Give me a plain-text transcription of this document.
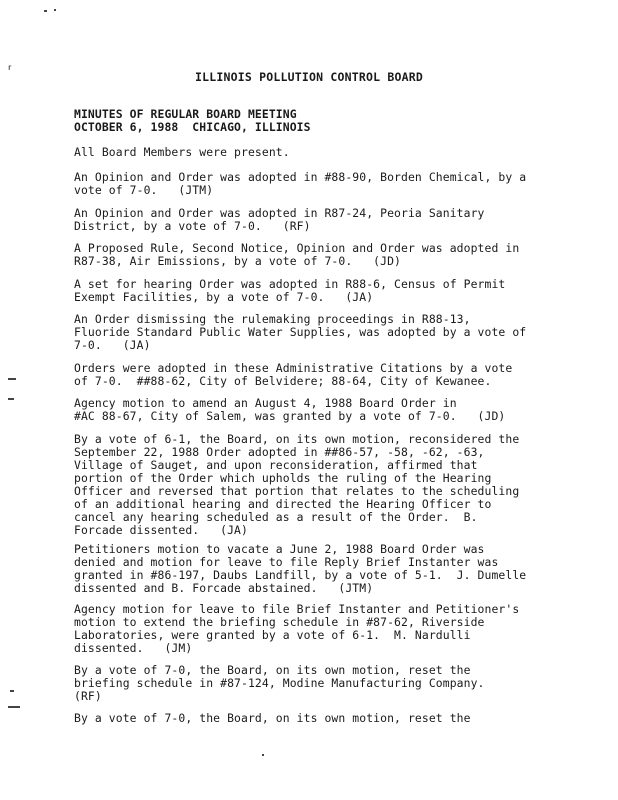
ILLINOIS POLLUTION CONTROL BOARD
MINUTES OF REGULAR BOARD MEETING
OCTOBER 6, 1988  CHICAGO, ILLINOIS
All Board Members were present.
An Opinion and Order was adopted in #88-90, Borden Chemical, by a
vote of 7-0.   (JTM)
An Opinion and Order was adopted in R87-24, Peoria Sanitary
District, by a vote of 7-0.   (RF)
A Proposed Rule, Second Notice, Opinion and Order was adopted in
R87-38, Air Emissions, by a vote of 7-0.   (JD)
A set for hearing Order was adopted in R88-6, Census of Permit
Exempt Facilities, by a vote of 7-0.   (JA)
An Order dismissing the rulemaking proceedings in R88-13,
Fluoride Standard Public Water Supplies, was adopted by a vote of
7-0.   (JA)
Orders were adopted in these Administrative Citations by a vote
of 7-0.  ##88-62, City of Belvidere; 88-64, City of Kewanee.
Agency motion to amend an August 4, 1988 Board Order in
#AC 88-67, City of Salem, was granted by a vote of 7-0.   (JD)
By a vote of 6-1, the Board, on its own motion, reconsidered the
September 22, 1988 Order adopted in ##86-57, -58, -62, -63,
Village of Sauget, and upon reconsideration, affirmed that
portion of the Order which upholds the ruling of the Hearing
Officer and reversed that portion that relates to the scheduling
of an additional hearing and directed the Hearing Officer to
cancel any hearing scheduled as a result of the Order.  B.
Forcade dissented.   (JA)
Petitioners motion to vacate a June 2, 1988 Board Order was
denied and motion for leave to file Reply Brief Instanter was
granted in #86-197, Daubs Landfill, by a vote of 5-1.  J. Dumelle
dissented and B. Forcade abstained.   (JTM)
Agency motion for leave to file Brief Instanter and Petitioner's
motion to extend the briefing schedule in #87-62, Riverside
Laboratories, were granted by a vote of 6-1.  M. Nardulli
dissented.   (JM)
By a vote of 7-0, the Board, on its own motion, reset the
briefing schedule in #87-124, Modine Manufacturing Company.
(RF)
By a vote of 7-0, the Board, on its own motion, reset the
⸢
